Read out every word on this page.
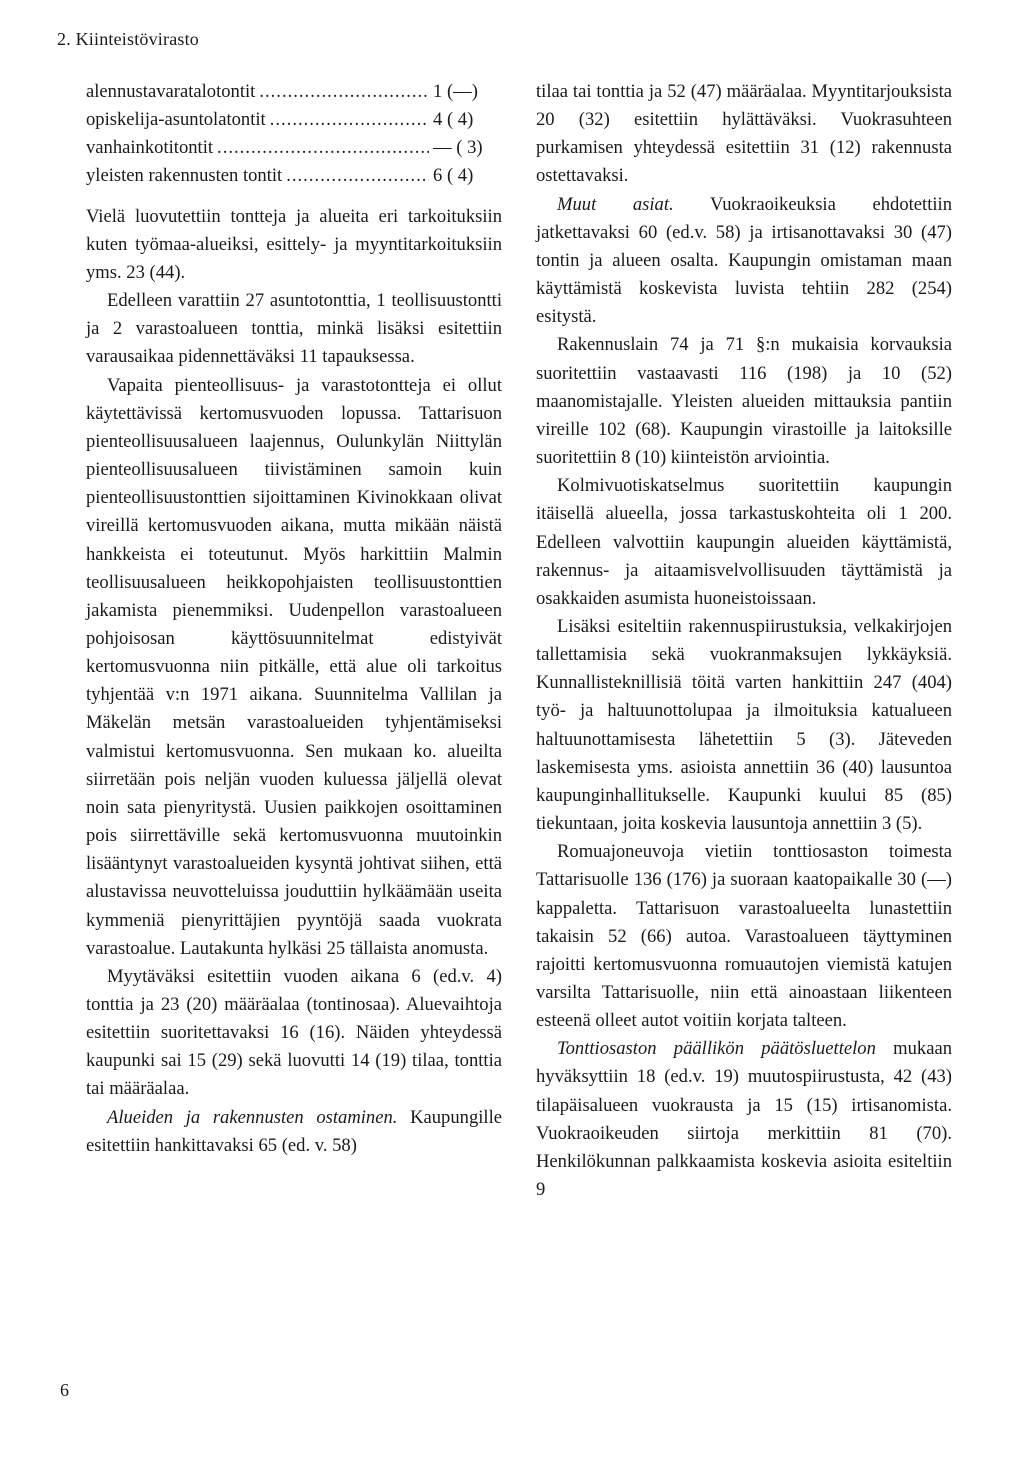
2. Kiinteistövirasto
alennustavaratalotontit .....	1 (—)
opiskelija-asuntolatontit .....	4 ( 4)
vanhainkotitontit .....	— ( 3)
yleisten rakennusten tontit .....	6 ( 4)

Vielä luovutettiin tontteja ja alueita eri tarkoituksiin kuten työmaa-alueiksi, esittely- ja myyntitarkoituksiin yms. 23 (44).

Edelleen varattiin 27 asuntotonttia, 1 teollisuustontti ja 2 varastoalueen tonttia, minkä lisäksi esitettiin varausaikaa pidennettäväksi 11 tapauksessa.

Vapaita pienteollisuus- ja varastotontteja ei ollut käytettävissä kertomusvuoden lopussa. Tattarisuon pienteollisuusalueen laajennus, Oulunkylän Niittylän pienteollisuusalueen tiivistäminen samoin kuin pienteollisuustonttien sijoittaminen Kivinokkaan olivat vireillä kertomusvuoden aikana, mutta mikään näistä hankkeista ei toteutunut. Myös harkittiin Malmin teollisuusalueen heikkopohjaisten teollisuustonttien jakamista pienemmiksi. Uudenpellon varastoalueen pohjoisosan käyttösuunnitelmat edistyivät kertomusvuonna niin pitkälle, että alue oli tarkoitus tyhjentää v:n 1971 aikana. Suunnitelma Vallilan ja Mäkelän metsän varastoalueiden tyhjentämiseksi valmistui kertomusvuonna. Sen mukaan ko. alueilta siirretään pois neljän vuoden kuluessa jäljellä olevat noin sata pienyritystä. Uusien paikkojen osoittaminen pois siirrettäville sekä kertomusvuonna muutoinkin lisääntynyt varastoalueiden kysyntä johtivat siihen, että alustavissa neuvotteluissa jouduttiin hylkäämään useita kymmeniä pienyrittäjien pyyntöjä saada vuokrata varastoalue. Lautakunta hylkäsi 25 tällaista anomusta.

Myytäväksi esitettiin vuoden aikana 6 (ed.v. 4) tonttia ja 23 (20) määräalaa (tontinosaa). Aluevaihtoja esitettiin suoritettavaksi 16 (16). Näiden yhteydessä kaupunki sai 15 (29) sekä luovutti 14 (19) tilaa, tonttia tai määräalaa.

Alueiden ja rakennusten ostaminen. Kaupungille esitettiin hankittavaksi 65 (ed. v. 58)

tilaa tai tonttia ja 52 (47) määräalaa. Myyntitarjouksista 20 (32) esitettiin hylättäväksi. Vuokrasuhteen purkamisen yhteydessä esitettiin 31 (12) rakennusta ostettavaksi.

Muut asiat. Vuokraoikeuksia ehdotettiin jatkettavaksi 60 (ed.v. 58) ja irtisanottavaksi 30 (47) tontin ja alueen osalta. Kaupungin omistaman maan käyttämistä koskevista luvista tehtiin 282 (254) esitystä.

Rakennuslain 74 ja 71 §:n mukaisia korvauksia suoritettiin vastaavasti 116 (198) ja 10 (52) maanomistajalle. Yleisten alueiden mittauksia pantiin vireille 102 (68). Kaupungin virastoille ja laitoksille suoritettiin 8 (10) kiinteistön arviointia.

Kolmivuotiskatselmus suoritettiin kaupungin itäisellä alueella, jossa tarkastuskohteita oli 1 200. Edelleen valvottiin kaupungin alueiden käyttämistä, rakennus- ja aitaamisvelvollisuuden täyttämistä ja osakkaiden asumista huoneistoissaan.

Lisäksi esiteltiin rakennuspiirustuksia, velkakirjojen tallettamisia sekä vuokranmaksujen lykkäyksiä. Kunnallisteknillisiä töitä varten hankittiin 247 (404) työ- ja haltuunottolupaa ja ilmoituksia katualueen haltuunottamisesta lähetettiin 5 (3). Jäteveden laskemisesta yms. asioista annettiin 36 (40) lausuntoa kaupunginhallitukselle. Kaupunki kuului 85 (85) tiekuntaan, joita koskevia lausuntoja annettiin 3 (5).

Romuajoneuvoja vietiin tonttiosaston toimesta Tattarisuolle 136 (176) ja suoraan kaatopaikalle 30 (—) kappaletta. Tattarisuon varastoalueelta lunastettiin takaisin 52 (66) autoa. Varastoalueen täyttyminen rajoitti kertomusvuonna romuautojen viemistä katujen varsilta Tattarisuolle, niin että ainoastaan liikenteen esteenä olleet autot voitiin korjata talteen.

Tonttiosaston päällikön päätösluettelon mukaan hyväksyttiin 18 (ed.v. 19) muutospiirustusta, 42 (43) tilapäisalueen vuokrausta ja 15 (15) irtisanomista. Vuokraoikeuden siirtoja merkittiin 81 (70). Henkilökunnan palkkaamista koskevia asioita esiteltiin 9

6
